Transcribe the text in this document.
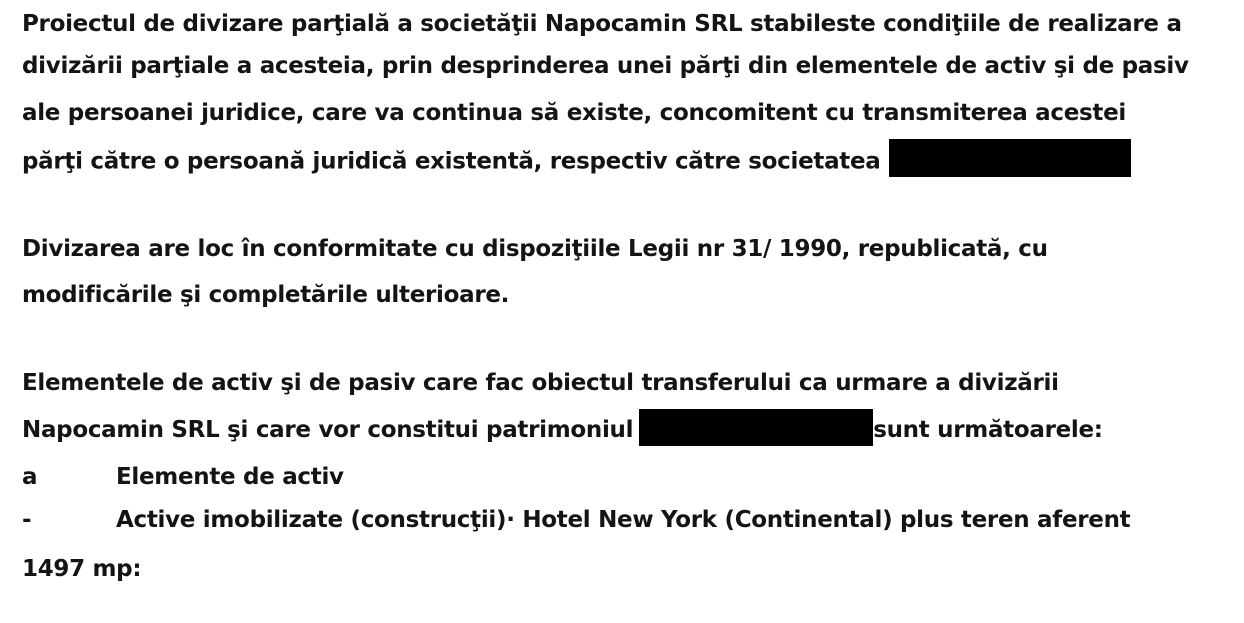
Proiectul de divizare parţială a societăţii Napocamin SRL stabileste condiţiile de realizare a
divizării parţiale a acesteia, prin desprinderea unei părţi din elementele de activ şi de pasiv
ale persoanei juridice, care va continua să existe, concomitent cu transmiterea acestei
părţi către o persoană juridică existentă, respectiv către societatea
Divizarea are loc în conformitate cu dispoziţiile Legii nr 31/ 1990, republicată, cu
modificările şi completările ulterioare.
Elementele de activ şi de pasiv care fac obiectul transferului ca urmare a divizării
Napocamin SRL şi care vor constitui patrimoniul	sunt următoarele:
a	Elemente de activ
-	Active imobilizate (construcţii)· Hotel New York (Continental) plus teren aferent
1497 mp:
